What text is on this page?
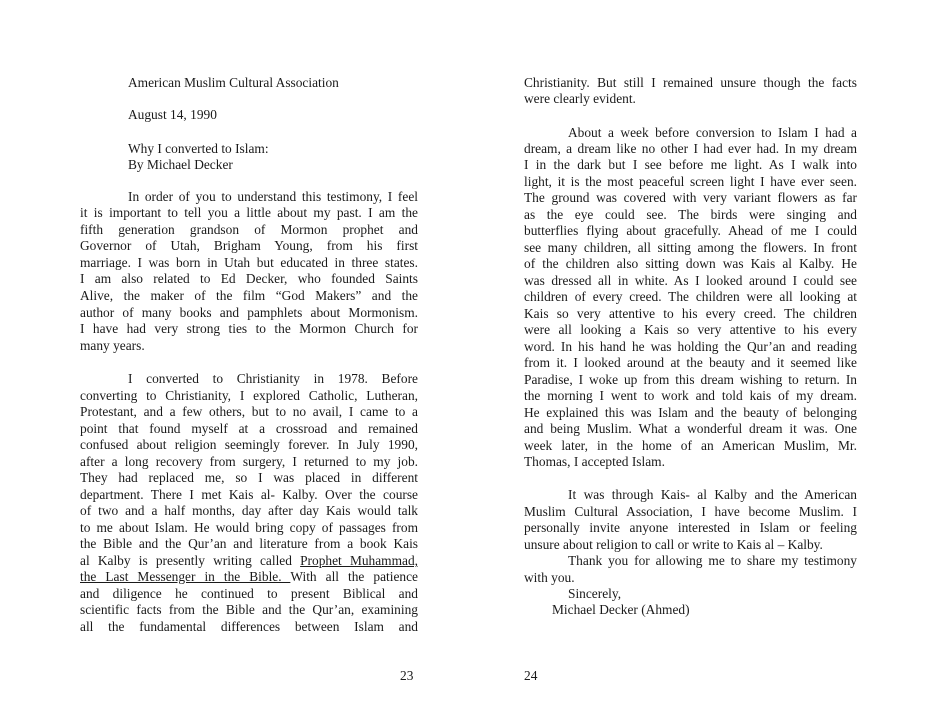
American Muslim Cultural Association
August 14, 1990
Why I converted to Islam:
By Michael Decker
In order of you to understand this testimony, I feel
it is important to tell you a little about my past. I am the
fifth generation grandson of Mormon prophet and
Governor of Utah, Brigham Young, from his first
marriage. I was born in Utah but educated in three states.
I am also related to Ed Decker, who founded Saints
Alive, the maker of the film “God Makers” and the
author of many books and pamphlets about Mormonism.
I have had very strong ties to the Mormon Church for
many years.
I converted to Christianity in 1978. Before
converting to Christianity, I explored Catholic, Lutheran,
Protestant, and a few others, but to no avail, I came to a
point that found myself at a crossroad and remained
confused about religion seemingly forever. In July 1990,
after a long recovery from surgery, I returned to my job.
They had replaced me, so I was placed in different
department. There I met Kais al- Kalby. Over the course
of two and a half months, day after day Kais would talk
to me about Islam. He would bring copy of passages from
the Bible and the Qur’an and literature from a book Kais
al Kalby is presently writing called Prophet Muhammad,
the Last Messenger in the Bible. With all the patience
and diligence he continued to present Biblical and
scientific facts from the Bible and the Qur’an, examining
all the fundamental differences between Islam and
23
Christianity. But still I remained unsure though the facts
were clearly evident.
About a week before conversion to Islam I had a
dream, a dream like no other I had ever had. In my dream
I in the dark but I see before me light. As I walk into
light, it is the most peaceful screen light I have ever seen.
The ground was covered with very variant flowers as far
as the eye could see. The birds were singing and
butterflies flying about gracefully. Ahead of me I could
see many children, all sitting among the flowers. In front
of the children also sitting down was Kais al Kalby. He
was dressed all in white. As I looked around I could see
children of every creed. The children were all looking at
Kais so very attentive to his every creed. The children
were all looking a Kais so very attentive to his every
word. In his hand he was holding the Qur’an and reading
from it. I looked around at the beauty and it seemed like
Paradise, I woke up from this dream wishing to return. In
the morning I went to work and told kais of my dream.
He explained this was Islam and the beauty of belonging
and being Muslim. What a wonderful dream it was. One
week later, in the home of an American Muslim, Mr.
Thomas, I accepted Islam.
It was through Kais- al Kalby and the American
Muslim Cultural Association, I have become Muslim. I
personally invite anyone interested in Islam or feeling
unsure about religion to call or write to Kais al – Kalby.
Thank you for allowing me to share my testimony
with you.
Sincerely,
Michael Decker (Ahmed)
24
